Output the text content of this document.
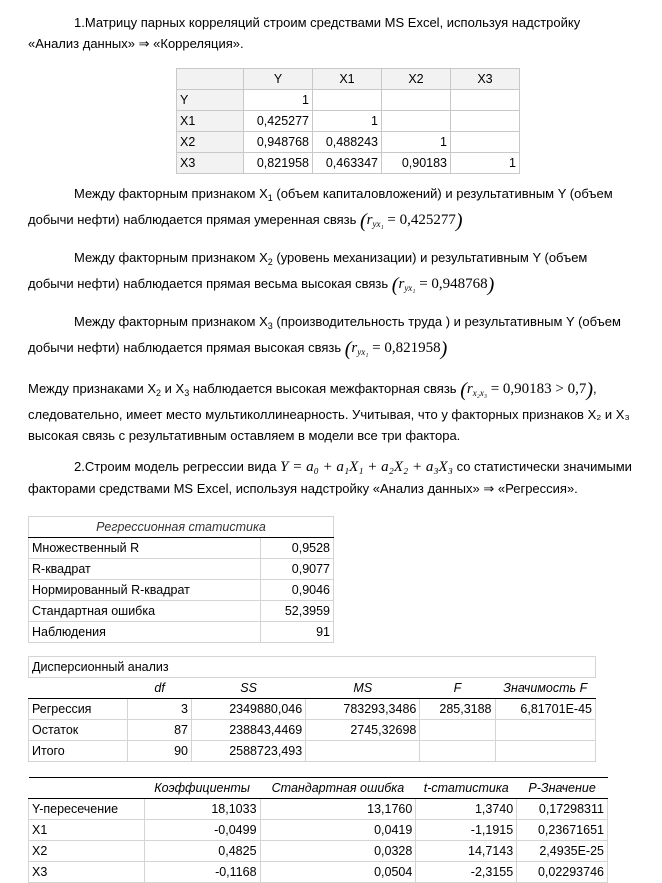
1.Матрицу парных корреляций строим средствами MS Excel, используя надстройку
«Анализ данных» ⇒ «Корреляция».
	Y	X1	X2	X3
Y	1			
X1	0,425277	1		
X2	0,948768	0,488243	1	
X3	0,821958	0,463347	0,90183	1
Между факторным признаком $X_1$ (объем капиталовложений) и результативным Y (объем
добычи нефти) наблюдается прямая умеренная связь $(r_{yx_1} = 0,425277)$
Между факторным признаком $X_2$ (уровень механизации) и результативным Y (объем
добычи нефти) наблюдается прямая весьма высокая связь $(r_{yx_1} = 0,948768)$
Между факторным признаком $X_3$ (производительность труда ) и результативным Y (объем
добычи нефти) наблюдается прямая высокая связь $(r_{yx_1} = 0,821958)$
Между признаками $X_2$ и $X_3$ наблюдается высокая межфакторная связь $(r_{x_2x_3} = 0,90183 > 0,7)$,
следовательно, имеет место мультиколлинеарность. Учитывая, что у факторных признаков X₂ и X₃
высокая связь с результативным оставляем в модели все три фактора.
2.Строим модель регрессии вида Y = a₀ + a₁X₁ + a₂X₂ + a₃X₃ со статистически значимыми
факторами средствами MS Excel, используя надстройку «Анализ данных» ⇒ «Регрессия».
Регрессионная статистика	
Множественный R	0,9528
R-квадрат	0,9077
Нормированный R-квадрат	0,9046
Стандартная ошибка	52,3959
Наблюдения	91
Дисперсионный анализ					
	df	SS	MS	F	Значимость F
Регрессия	3	2349880,046	783293,3486	285,3188	6,81701E-45
Остаток	87	238843,4469	2745,32698		
Итого	90	2588723,493			
	Коэффициенты	Стандартная ошибка	t-статистика	P-Значение
Y-пересечение	18,1033	13,1760	1,3740	0,17298311
X1	-0,0499	0,0419	-1,1915	0,23671651
X2	0,4825	0,0328	14,7143	2,4935E-25
X3	-0,1168	0,0504	-2,3155	0,02293746
